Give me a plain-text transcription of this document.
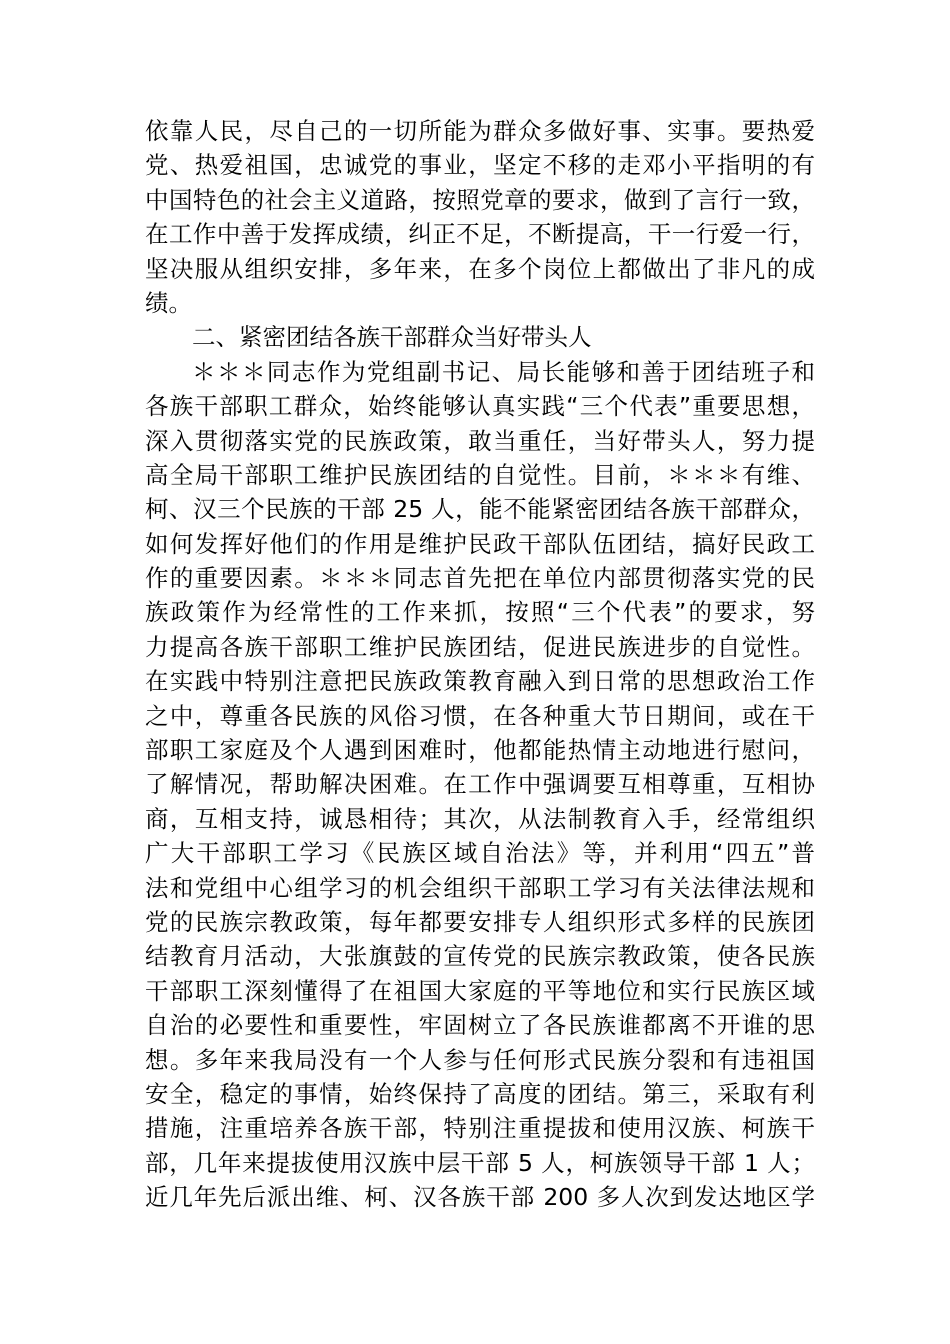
依靠人民，尽自己的一切所能为群众多做好事、实事。要热爱
党、热爱祖国，忠诚党的事业，坚定不移的走邓小平指明的有
中国特色的社会主义道路，按照党章的要求，做到了言行一致，
在工作中善于发挥成绩，纠正不足，不断提高，干一行爱一行，
坚决服从组织安排，多年来，在多个岗位上都做出了非凡的成
绩。
二、紧密团结各族干部群众当好带头人
＊＊＊同志作为党组副书记、局长能够和善于团结班子和
各族干部职工群众，始终能够认真实践“三个代表”重要思想，
深入贯彻落实党的民族政策，敢当重任，当好带头人，努力提
高全局干部职工维护民族团结的自觉性。目前，＊＊＊有维、
柯、汉三个民族的干部 25 人，能不能紧密团结各族干部群众，
如何发挥好他们的作用是维护民政干部队伍团结，搞好民政工
作的重要因素。＊＊＊同志首先把在单位内部贯彻落实党的民
族政策作为经常性的工作来抓，按照“三个代表”的要求，努
力提高各族干部职工维护民族团结，促进民族进步的自觉性。
在实践中特别注意把民族政策教育融入到日常的思想政治工作
之中，尊重各民族的风俗习惯，在各种重大节日期间，或在干
部职工家庭及个人遇到困难时，他都能热情主动地进行慰问，
了解情况，帮助解决困难。在工作中强调要互相尊重，互相协
商，互相支持，诚恳相待；其次，从法制教育入手，经常组织
广大干部职工学习《民族区域自治法》等，并利用“四五”普
法和党组中心组学习的机会组织干部职工学习有关法律法规和
党的民族宗教政策，每年都要安排专人组织形式多样的民族团
结教育月活动，大张旗鼓的宣传党的民族宗教政策，使各民族
干部职工深刻懂得了在祖国大家庭的平等地位和实行民族区域
自治的必要性和重要性，牢固树立了各民族谁都离不开谁的思
想。多年来我局没有一个人参与任何形式民族分裂和有违祖国
安全，稳定的事情，始终保持了高度的团结。第三，采取有利
措施，注重培养各族干部，特别注重提拔和使用汉族、柯族干
部，几年来提拔使用汉族中层干部 5 人，柯族领导干部 1 人；
近几年先后派出维、柯、汉各族干部 200 多人次到发达地区学
